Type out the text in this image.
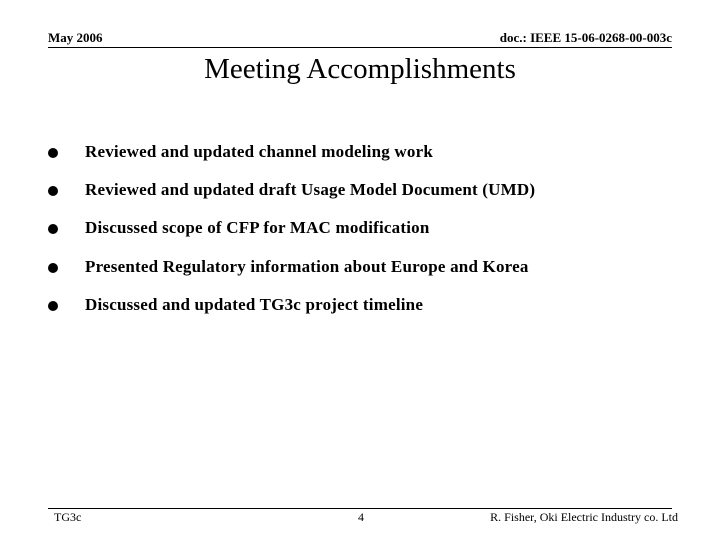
May 2006	doc.: IEEE 15-06-0268-00-003c
Meeting Accomplishments
Reviewed and updated channel modeling work
Reviewed and updated draft Usage Model Document (UMD)
Discussed scope of CFP for MAC modification
Presented Regulatory information about Europe and Korea
Discussed and updated TG3c project timeline
TG3c	4	R. Fisher, Oki Electric Industry co. Ltd
